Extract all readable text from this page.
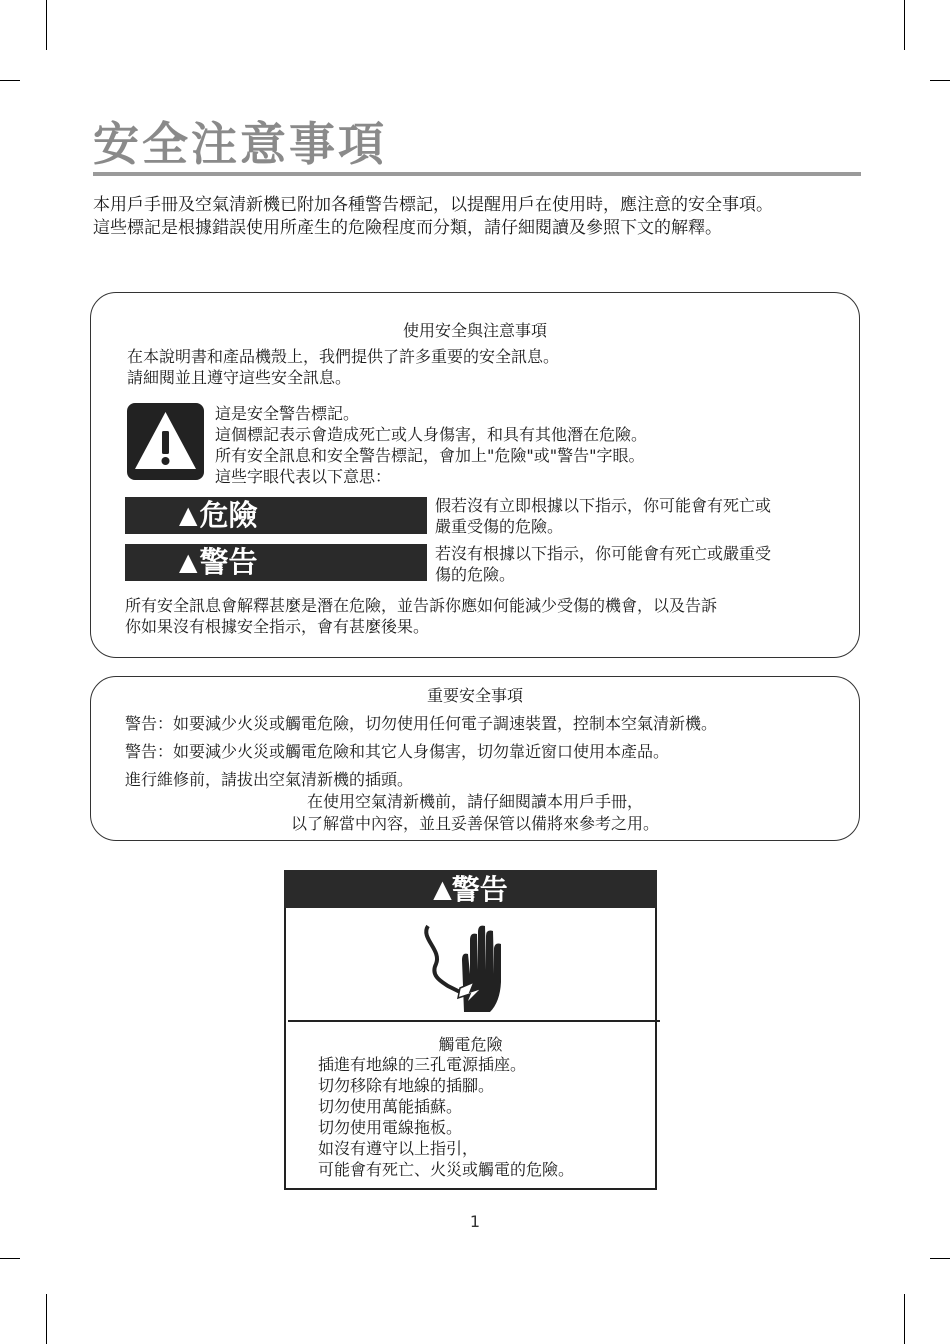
安全注意事項

本用戶手冊及空氣清新機已附加各種警告標記，以提醒用戶在使用時，應注意的安全事項。

這些標記是根據錯誤使用所產生的危險程度而分類，請仔細閱讀及參照下文的解釋。

使用安全與注意事項

在本說明書和產品機殼上，我們提供了許多重要的安全訊息。

請細閱並且遵守這些安全訊息。

這是安全警告標記。

這個標記表示會造成死亡或人身傷害，和具有其他潛在危險。

所有安全訊息和安全警告標記，會加上"危險"或"警告"字眼。

這些字眼代表以下意思：

▲危險	假若沒有立即根據以下指示，你可能會有死亡或

嚴重受傷的危險。

▲警告	若沒有根據以下指示，你可能會有死亡或嚴重受

傷的危險。

所有安全訊息會解釋甚麼是潛在危險，並告訴你應如何能減少受傷的機會，以及告訴

你如果沒有根據安全指示，會有甚麼後果。

重要安全事項
警告：如要減少火災或觸電危險，切勿使用任何電子調速裝置，控制本空氣清新機。
警告：如要減少火災或觸電危險和其它人身傷害，切勿靠近窗口使用本產品。
進行維修前，請拔出空氣清新機的插頭。

在使用空氣清新機前，請仔細閱讀本用戶手冊，

以了解當中內容，並且妥善保管以備將來參考之用。

▲警告
觸電危險

插進有地線的三孔電源插座。

切勿移除有地線的插腳。

切勿使用萬能插蘇。

切勿使用電線拖板。

如沒有遵守以上指引，

可能會有死亡、火災或觸電的危險。

1
